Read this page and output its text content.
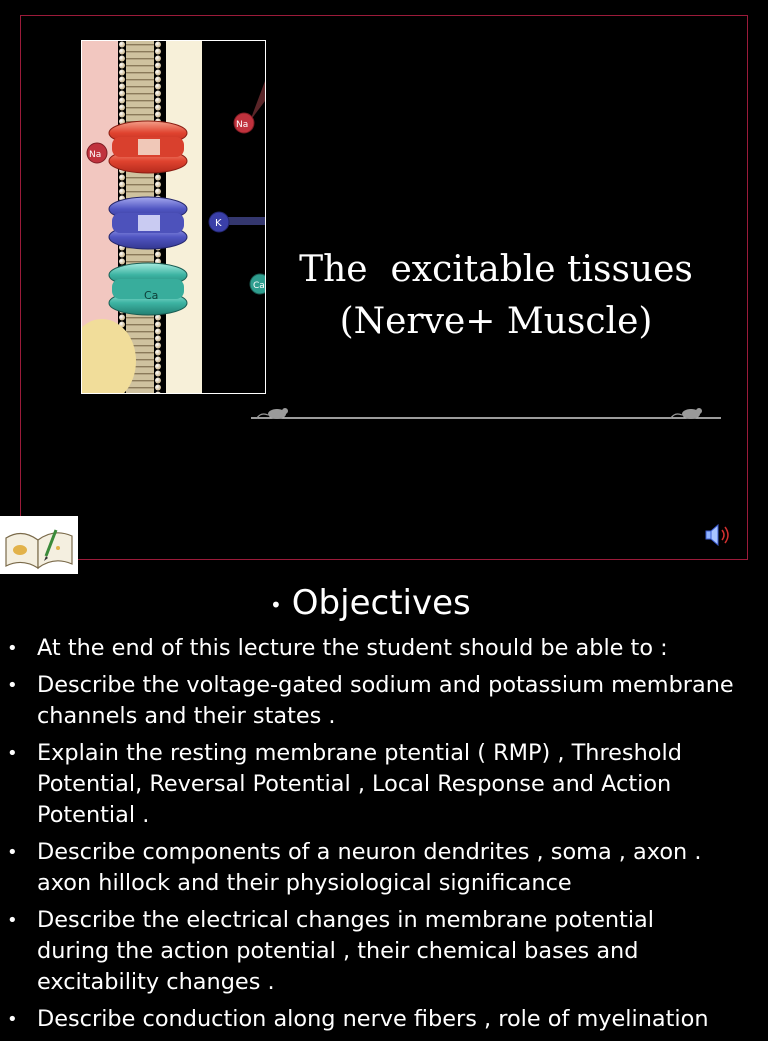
Ca
Na
Na
K
Ca The  excitable tissues
(Nerve+ Muscle)
• Objectives
• At the end of this lecture the student should be able to :
• Describe the voltage-gated sodium and potassium membrane
channels and their states .
• Explain the resting membrane ptential ( RMP) , Threshold
Potential, Reversal Potential , Local Response and Action
Potential .
• Describe components of a neuron dendrites , soma , axon .
axon hillock and their physiological significance
• Describe the electrical changes in membrane potential
during the action potential , their chemical bases and
excitability changes .
• Describe conduction along nerve fibers , role of myelination
